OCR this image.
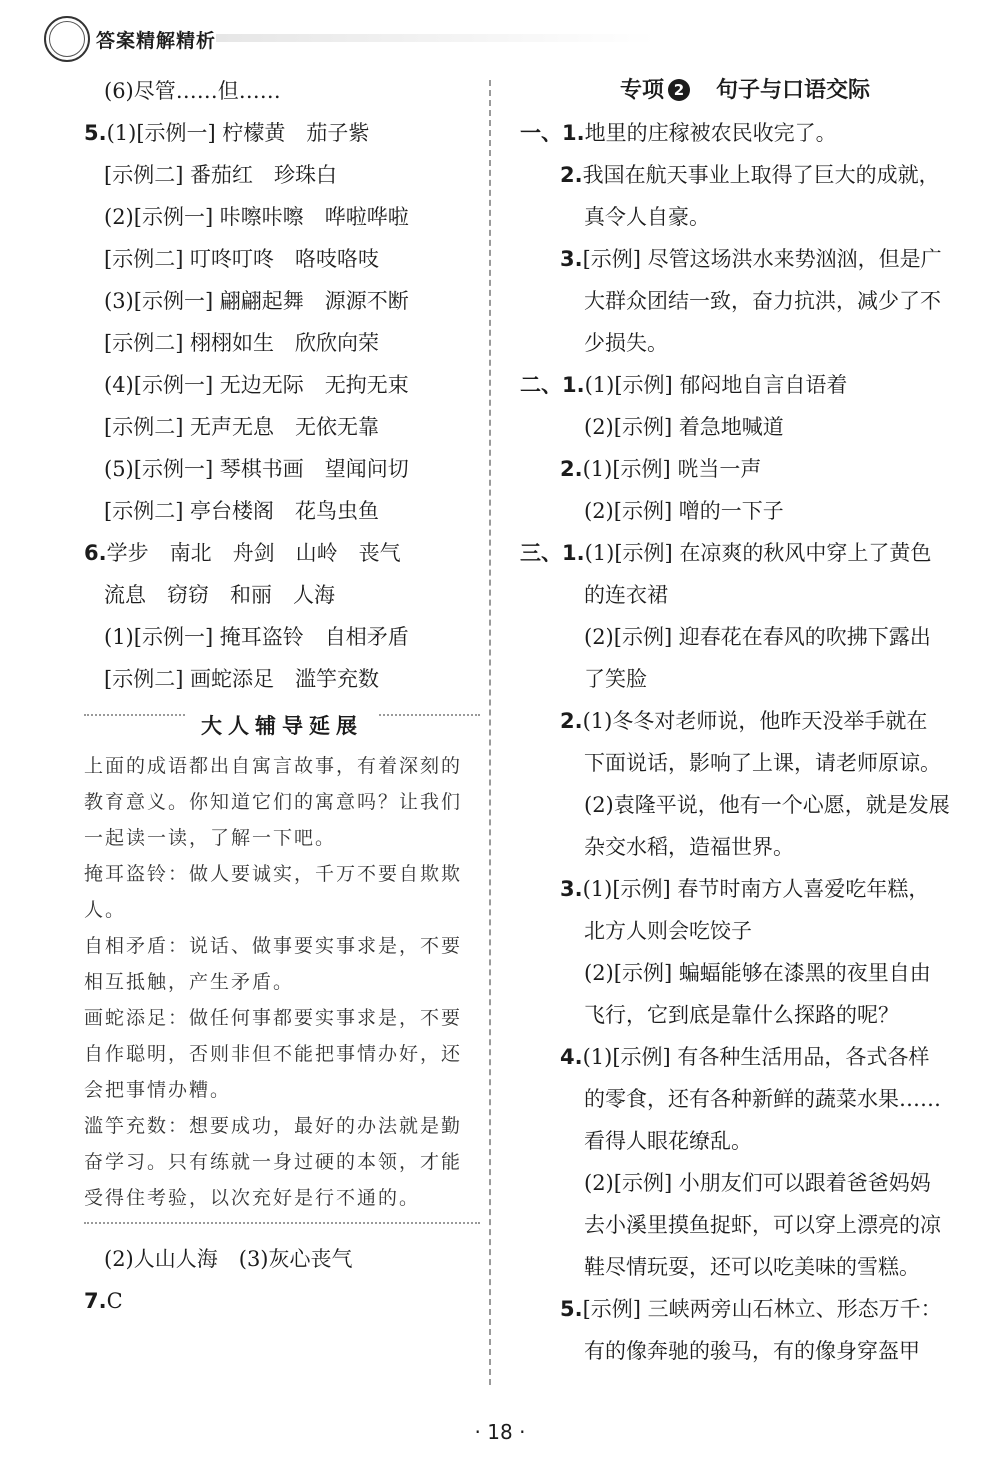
答案精解精析
(6)尽管……但……
5.(1)[示例一] 柠檬黄　茄子紫
[示例二] 番茄红　珍珠白
(2)[示例一] 咔嚓咔嚓　哗啦哗啦
[示例二] 叮咚叮咚　咯吱咯吱
(3)[示例一] 翩翩起舞　源源不断
[示例二] 栩栩如生　欣欣向荣
(4)[示例一] 无边无际　无拘无束
[示例二] 无声无息　无依无靠
(5)[示例一] 琴棋书画　望闻问切
[示例二] 亭台楼阁　花鸟虫鱼
6.学步　南北　舟剑　山岭　丧气
流息　窃窃　和丽　人海
(1)[示例一] 掩耳盗铃　自相矛盾
[示例二] 画蛇添足　滥竽充数
大人辅导延展
上面的成语都出自寓言故事，有着深刻的教育意义。你知道它们的寓意吗？让我们一起读一读，了解一下吧。
掩耳盗铃：做人要诚实，千万不要自欺欺人。
自相矛盾：说话、做事要实事求是，不要相互抵触，产生矛盾。
画蛇添足：做任何事都要实事求是，不要自作聪明，否则非但不能把事情办好，还会把事情办糟。
滥竽充数：想要成功，最好的办法就是勤奋学习。只有练就一身过硬的本领，才能受得住考验，以次充好是行不通的。
(2)人山人海　(3)灰心丧气
7.C
专项 2　 句子与口语交际
一、1.地里的庄稼被农民收完了。
2.我国在航天事业上取得了巨大的成就，
真令人自豪。
3.[示例] 尽管这场洪水来势汹汹，但是广
大群众团结一致，奋力抗洪，减少了不
少损失。
二、1.(1)[示例] 郁闷地自言自语着
(2)[示例] 着急地喊道
2.(1)[示例] 咣当一声
(2)[示例] 噌的一下子
三、1.(1)[示例] 在凉爽的秋风中穿上了黄色
的连衣裙
(2)[示例] 迎春花在春风的吹拂下露出
了笑脸
2.(1)冬冬对老师说，他昨天没举手就在
下面说话，影响了上课，请老师原谅。
(2)袁隆平说，他有一个心愿，就是发展
杂交水稻，造福世界。
3.(1)[示例] 春节时南方人喜爱吃年糕，
北方人则会吃饺子
(2)[示例] 蝙蝠能够在漆黑的夜里自由
飞行，它到底是靠什么探路的呢？
4.(1)[示例] 有各种生活用品，各式各样
的零食，还有各种新鲜的蔬菜水果……
看得人眼花缭乱。
(2)[示例] 小朋友们可以跟着爸爸妈妈
去小溪里摸鱼捉虾，可以穿上漂亮的凉
鞋尽情玩耍，还可以吃美味的雪糕。
5.[示例] 三峡两旁山石林立、形态万千：
有的像奔驰的骏马，有的像身穿盔甲
· 18 ·
